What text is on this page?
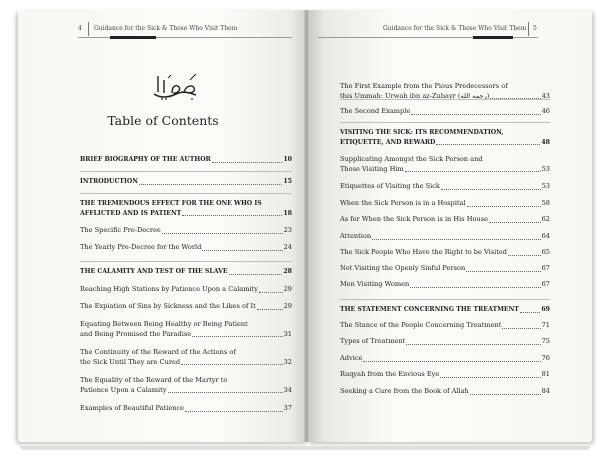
4 Guidance for the Sick & Those Who Visit Them
Table of Contents
BRIEF BIOGRAPHY OF THE AUTHOR	10
INTRODUCTION	15
THE TREMENDOUS EFFECT FOR THE ONE WHO IS
AFFLICTED AND IS PATIENT	18
The Specific Pre-Decree	23
The Yearly Pre-Decree for the World	24
THE CALAMITY AND TEST OF THE SLAVE	28
Reaching High Stations by Patience Upon a Calamity	29
The Expiation of Sins by Sickness and the Likes of It	29
Equating Between Being Healthy or Being Patient
and Being Promised the Paradise	31
The Continuity of the Reward of the Actions of
the Sick Until They are Cured	32
The Equality of the Reward of the Martyr to
Patience Upon a Calamity	34
Examples of Beautiful Patience	37
Guidance for the Sick & Those Who Visit Them 5
The First Example from the Pious Predecessors of
this Ummah: Urwah ibn az-Zubayr (رحمه الله)	43
The Second Example	46
VISITING THE SICK: ITS RECOMMENDATION,
ETIQUETTE, AND REWARD	48
Supplicating Amongst the Sick Person and
Those Visiting Him	53
Etiquettes of Visiting the Sick	53
When the Sick Person is in a Hospital	58
As for When the Sick Person is in His House	62
Attention	64
The Sick People Who Have the Right to be Visited	65
Not Visiting the Openly Sinful Person	67
Men Visiting Women	67
THE STATEMENT CONCERNING THE TREATMENT	69
The Stance of the People Concerning Treatment	71
Types of Treatment	75
Advice	76
Ruqyah from the Envious Eye	81
Seeking a Cure from the Book of Allah	84
